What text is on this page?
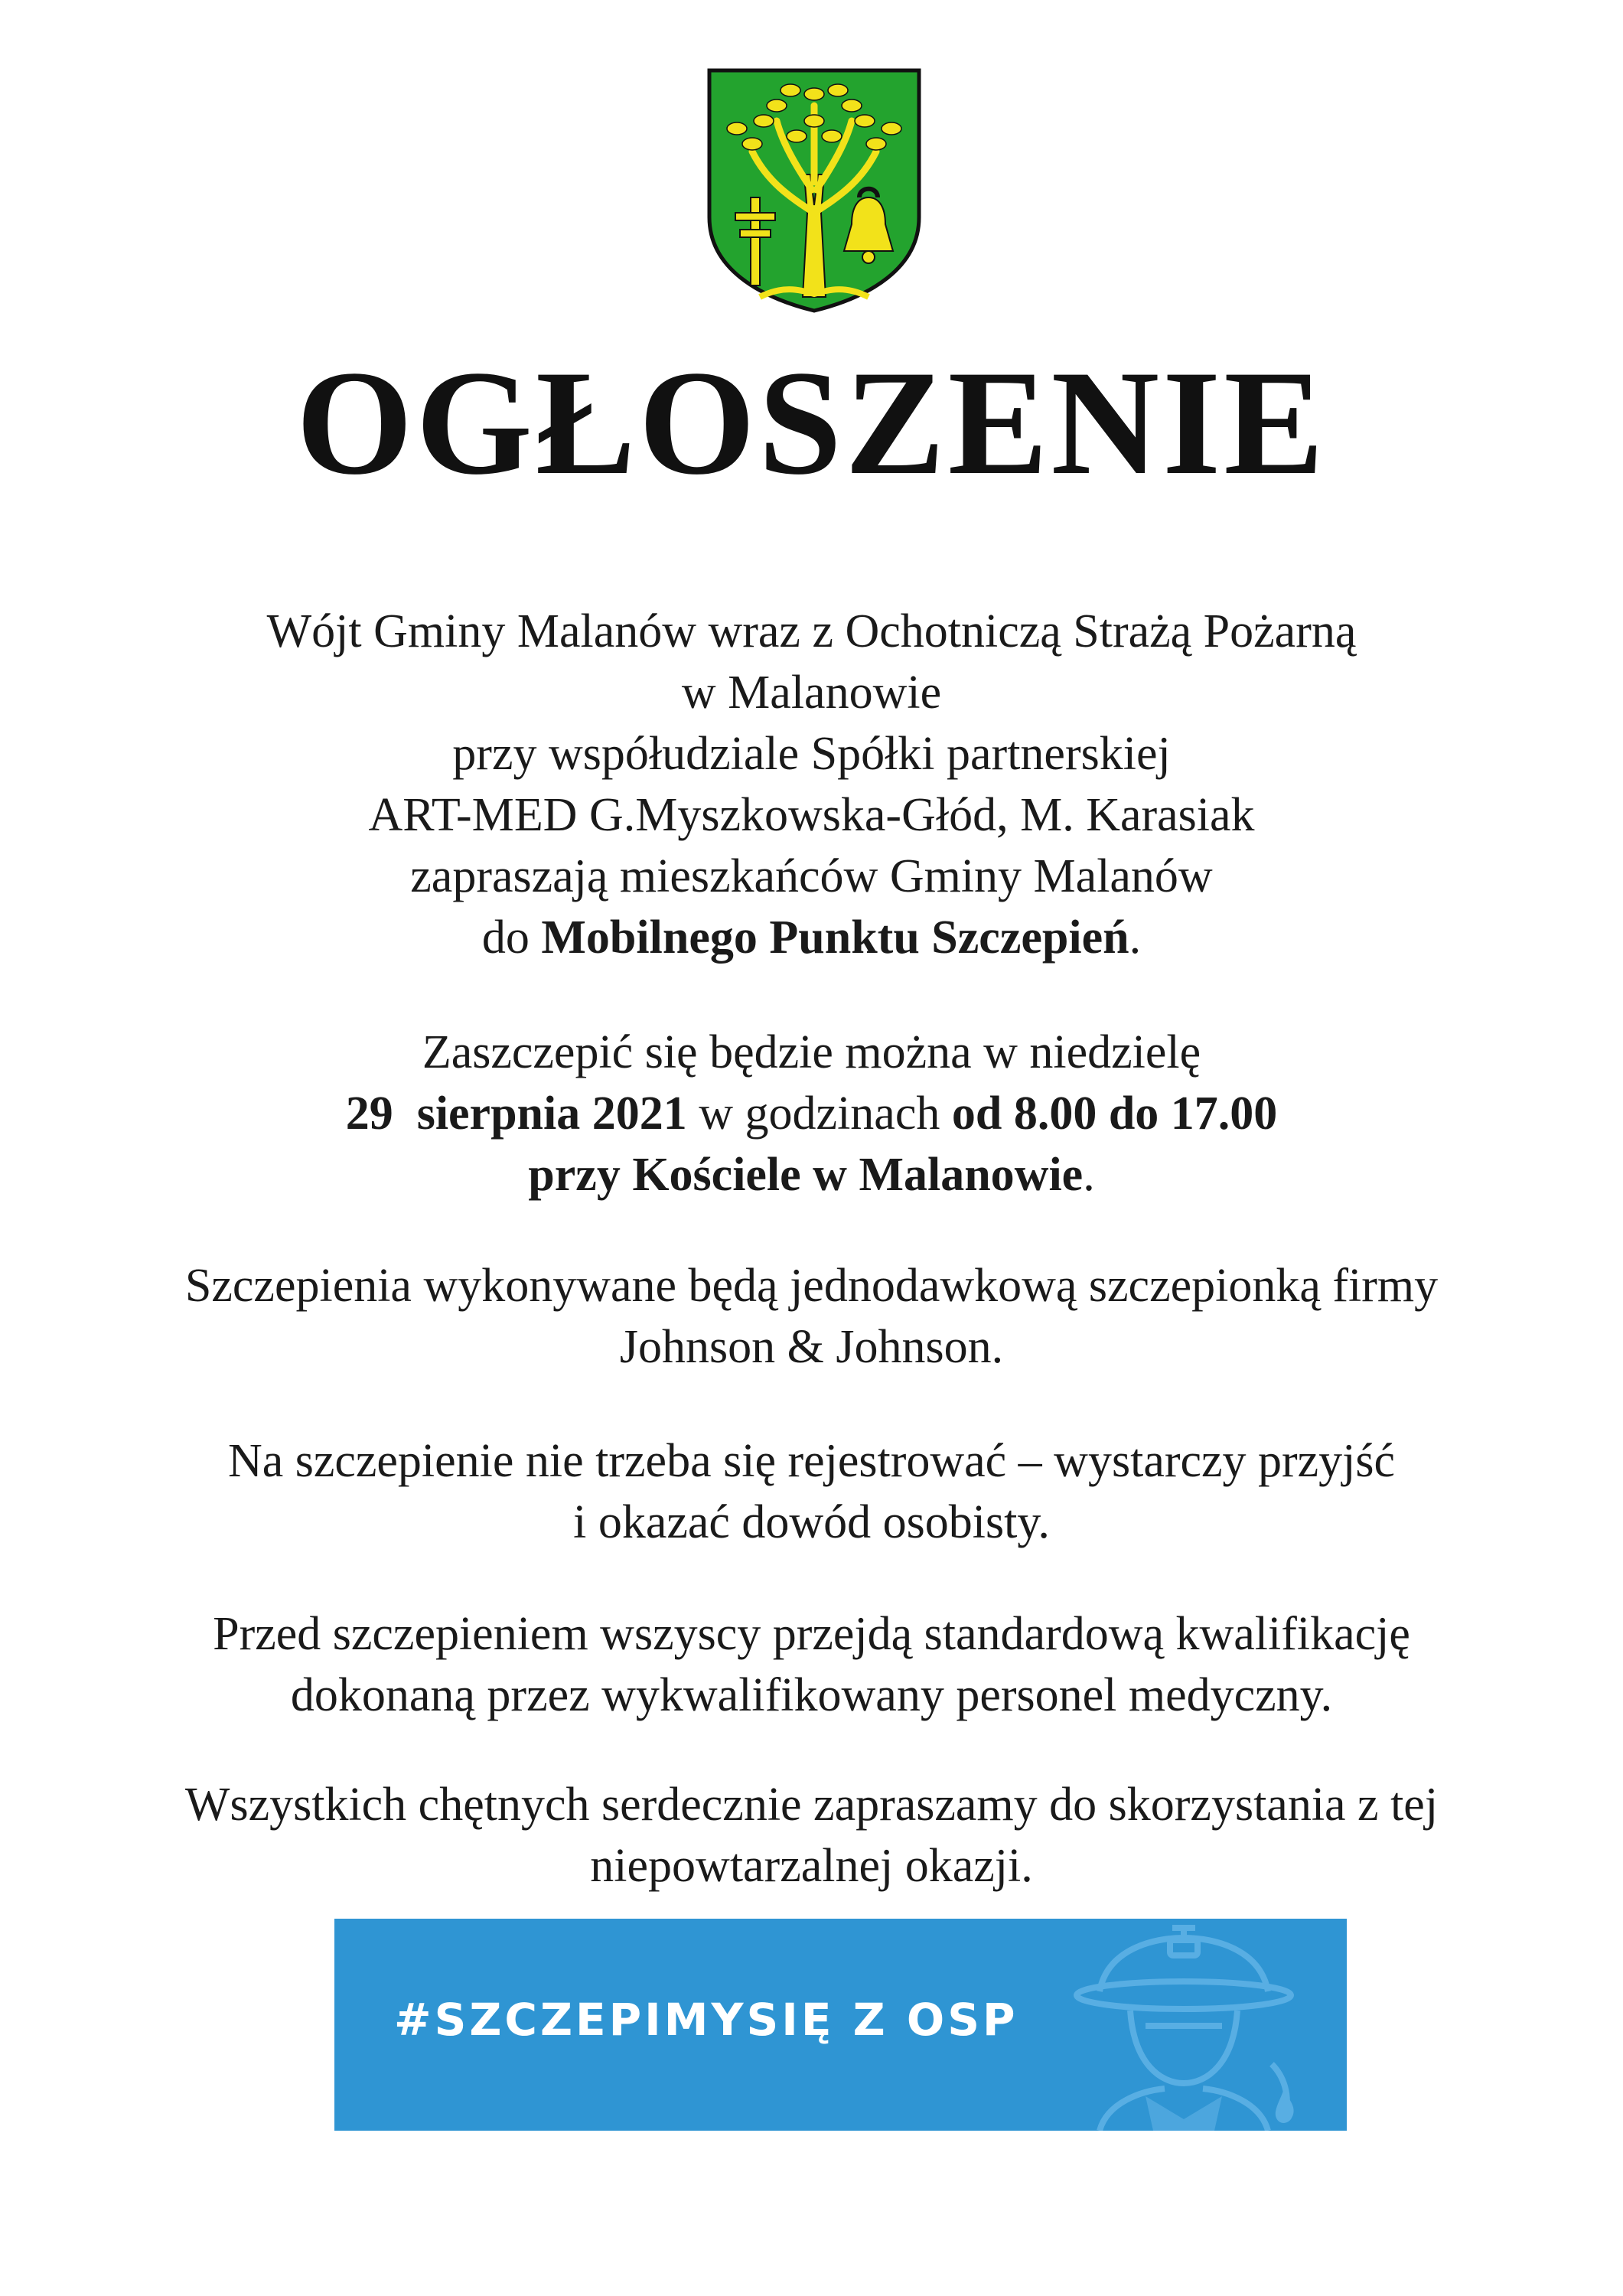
OGŁOSZENIE
Wójt Gminy Malanów wraz z Ochotniczą Strażą Pożarną
w Malanowie
przy współudziale Spółki partnerskiej
ART-MED G.Myszkowska-Głód, M. Karasiak
zapraszają mieszkańców Gminy Malanów
do Mobilnego Punktu Szczepień.
Zaszczepić się będzie można w niedzielę
29  sierpnia 2021 w godzinach od 8.00 do 17.00
przy Kościele w Malanowie.
Szczepienia wykonywane będą jednodawkową szczepionką firmy
Johnson & Johnson.
Na szczepienie nie trzeba się rejestrować – wystarczy przyjść
i okazać dowód osobisty.
Przed szczepieniem wszyscy przejdą standardową kwalifikację
dokonaną przez wykwalifikowany personel medyczny.
Wszystkich chętnych serdecznie zapraszamy do skorzystania z tej
niepowtarzalnej okazji.
#SZCZEPIMYSIĘ Z OSP
